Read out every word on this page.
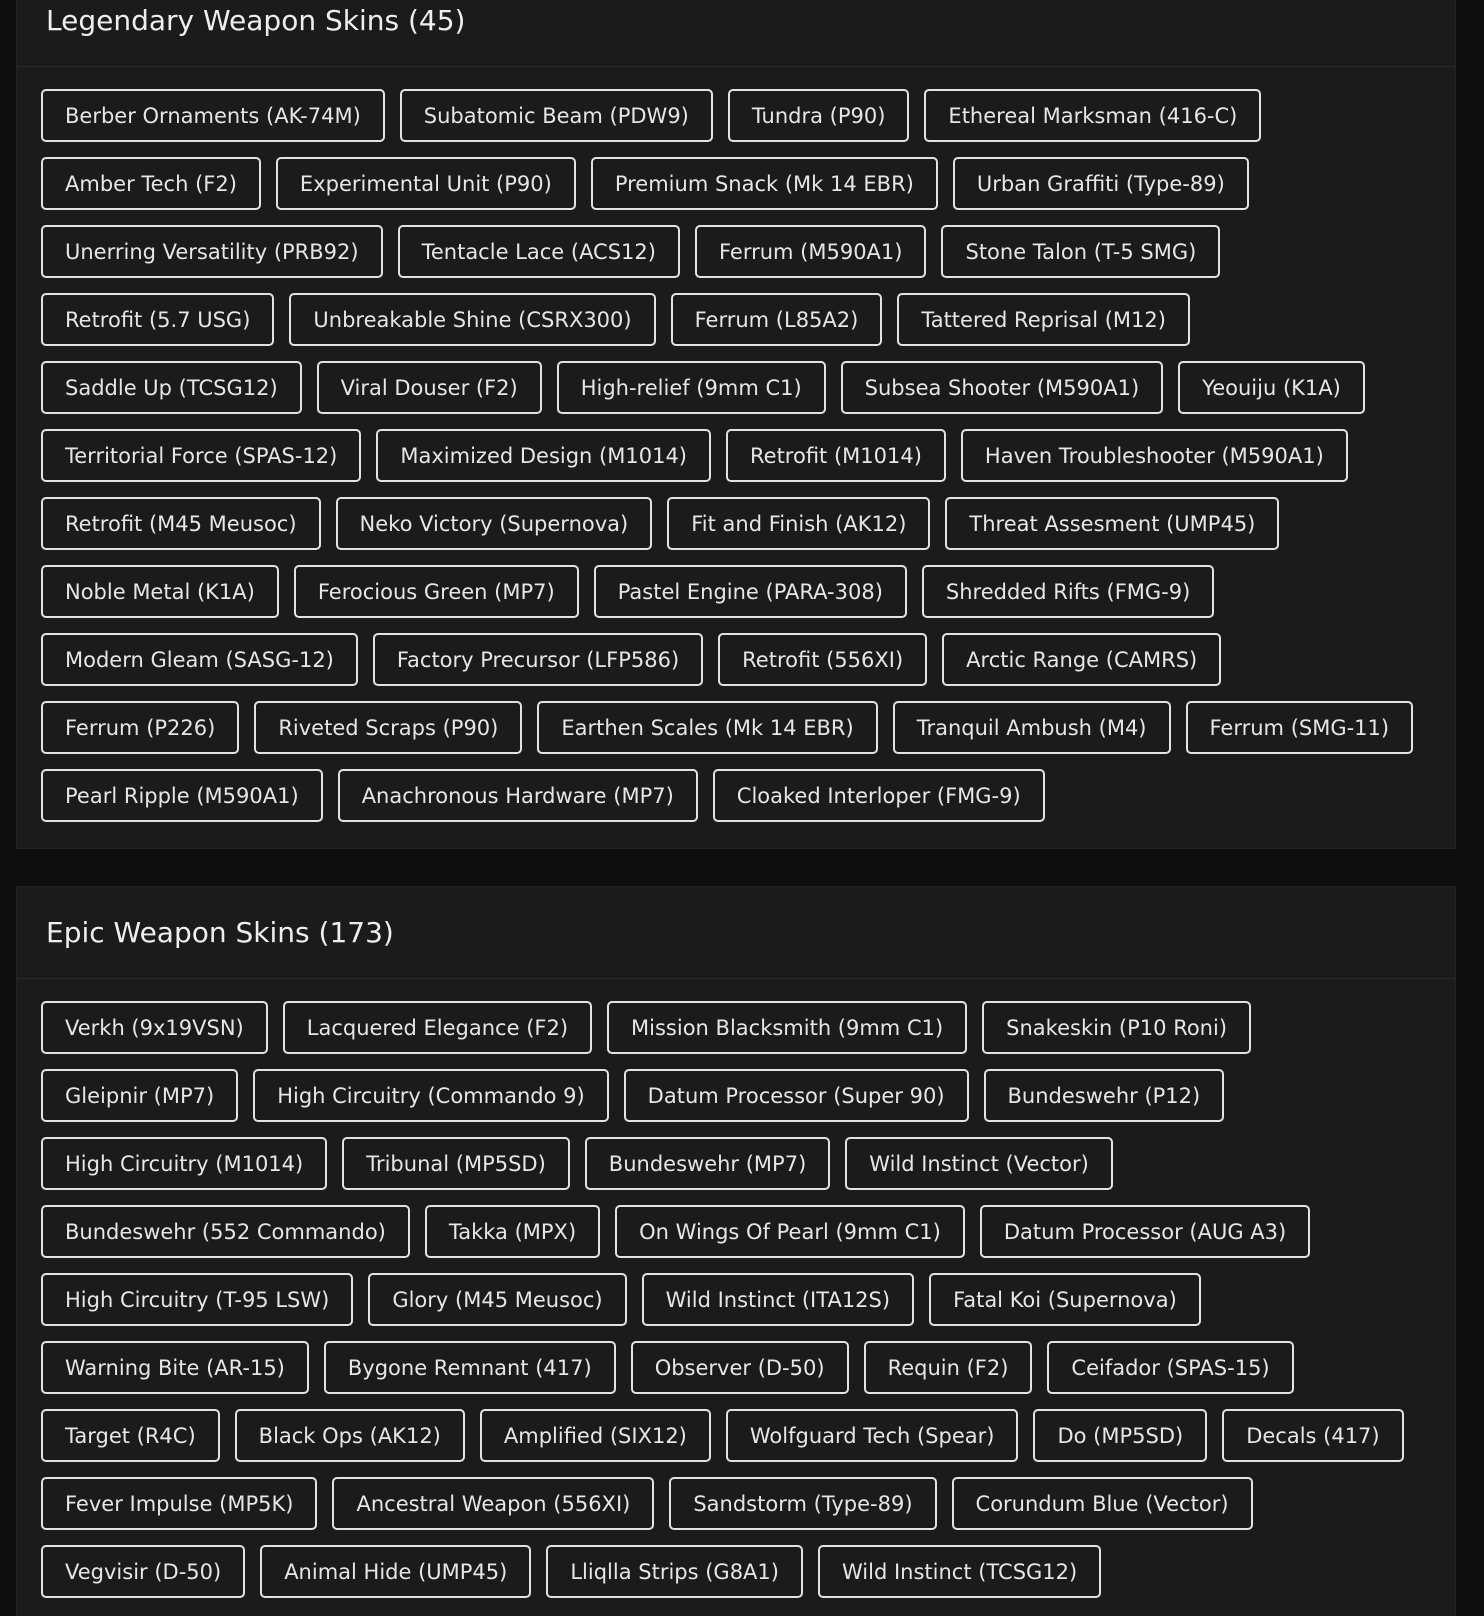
Legendary Weapon Skins (45)
Berber Ornaments (AK-74M)	Subatomic Beam (PDW9)	Tundra (P90)	Ethereal Marksman (416-C)
Amber Tech (F2)	Experimental Unit (P90)	Premium Snack (Mk 14 EBR)	Urban Graffiti (Type-89)
Unerring Versatility (PRB92)	Tentacle Lace (ACS12)	Ferrum (M590A1)	Stone Talon (T-5 SMG)
Retrofit (5.7 USG)	Unbreakable Shine (CSRX300)	Ferrum (L85A2)	Tattered Reprisal (M12)
Saddle Up (TCSG12)	Viral Douser (F2)	High-relief (9mm C1)	Subsea Shooter (M590A1)	Yeouiju (K1A)
Territorial Force (SPAS-12)	Maximized Design (M1014)	Retrofit (M1014)	Haven Troubleshooter (M590A1)
Retrofit (M45 Meusoc)	Neko Victory (Supernova)	Fit and Finish (AK12)	Threat Assesment (UMP45)
Noble Metal (K1A)	Ferocious Green (MP7)	Pastel Engine (PARA-308)	Shredded Rifts (FMG-9)
Modern Gleam (SASG-12)	Factory Precursor (LFP586)	Retrofit (556XI)	Arctic Range (CAMRS)
Ferrum (P226)	Riveted Scraps (P90)	Earthen Scales (Mk 14 EBR)	Tranquil Ambush (M4)	Ferrum (SMG-11)
Pearl Ripple (M590A1)	Anachronous Hardware (MP7)	Cloaked Interloper (FMG-9)
Epic Weapon Skins (173)
Verkh (9x19VSN)	Lacquered Elegance (F2)	Mission Blacksmith (9mm C1)	Snakeskin (P10 Roni)
Gleipnir (MP7)	High Circuitry (Commando 9)	Datum Processor (Super 90)	Bundeswehr (P12)
High Circuitry (M1014)	Tribunal (MP5SD)	Bundeswehr (MP7)	Wild Instinct (Vector)
Bundeswehr (552 Commando)	Takka (MPX)	On Wings Of Pearl (9mm C1)	Datum Processor (AUG A3)
High Circuitry (T-95 LSW)	Glory (M45 Meusoc)	Wild Instinct (ITA12S)	Fatal Koi (Supernova)
Warning Bite (AR-15)	Bygone Remnant (417)	Observer (D-50)	Requin (F2)	Ceifador (SPAS-15)
Target (R4C)	Black Ops (AK12)	Amplified (SIX12)	Wolfguard Tech (Spear)	Do (MP5SD)	Decals (417)
Fever Impulse (MP5K)	Ancestral Weapon (556XI)	Sandstorm (Type-89)	Corundum Blue (Vector)
Vegvisir (D-50)	Animal Hide (UMP45)	Lliqlla Strips (G8A1)	Wild Instinct (TCSG12)
